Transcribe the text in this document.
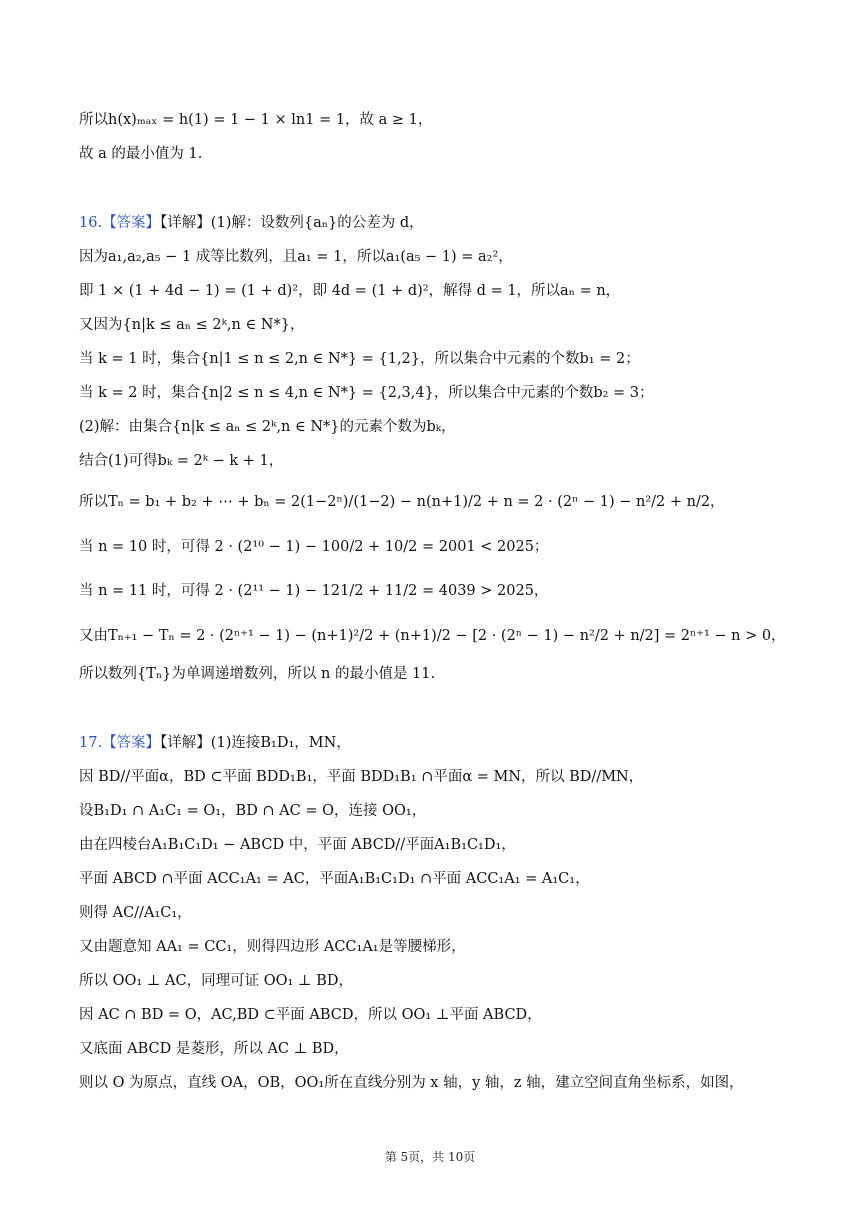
所以h(x)ₘₐₓ = h(1) = 1 − 1 × ln1 = 1，故 a ≥ 1，
故 a 的最小值为 1.
16.【答案】【详解】(1)解：设数列{aₙ}的公差为 d，
因为a₁,a₂,a₅ − 1 成等比数列，且a₁ = 1，所以a₁(a₅ − 1) = a₂²，
即 1 × (1 + 4d − 1) = (1 + d)²，即 4d = (1 + d)²，解得 d = 1，所以aₙ = n，
又因为{n|k ≤ aₙ ≤ 2ᵏ,n ∈ N*}，
当 k = 1 时，集合{n|1 ≤ n ≤ 2,n ∈ N*} = {1,2}，所以集合中元素的个数b₁ = 2；
当 k = 2 时，集合{n|2 ≤ n ≤ 4,n ∈ N*} = {2,3,4}，所以集合中元素的个数b₂ = 3；
(2)解：由集合{n|k ≤ aₙ ≤ 2ᵏ,n ∈ N*}的元素个数为bₖ，
结合(1)可得bₖ = 2ᵏ − k + 1，
所以Tₙ = b₁ + b₂ + ⋯ + bₙ = 2(1−2ⁿ)/(1−2) − n(n+1)/2 + n = 2 · (2ⁿ − 1) − n²/2 + n/2，
当 n = 10 时，可得 2 · (2¹⁰ − 1) − 100/2 + 10/2 = 2001 < 2025；
当 n = 11 时，可得 2 · (2¹¹ − 1) − 121/2 + 11/2 = 4039 > 2025，
又由Tₙ₊₁ − Tₙ = 2 · (2ⁿ⁺¹ − 1) − (n+1)²/2 + (n+1)/2 − [2 · (2ⁿ − 1) − n²/2 + n/2] = 2ⁿ⁺¹ − n > 0，
所以数列{Tₙ}为单调递增数列，所以 n 的最小值是 11.
17.【答案】【详解】(1)连接B₁D₁，MN，
因 BD//平面α，BD ⊂平面 BDD₁B₁，平面 BDD₁B₁ ∩平面α = MN，所以 BD//MN，
设B₁D₁ ∩ A₁C₁ = O₁，BD ∩ AC = O，连接 OO₁，
由在四棱台A₁B₁C₁D₁ − ABCD 中，平面 ABCD//平面A₁B₁C₁D₁，
平面 ABCD ∩平面 ACC₁A₁ = AC，平面A₁B₁C₁D₁ ∩平面 ACC₁A₁ = A₁C₁，
则得 AC//A₁C₁，
又由题意知 AA₁ = CC₁，则得四边形 ACC₁A₁是等腰梯形，
所以 OO₁ ⊥ AC，同理可证 OO₁ ⊥ BD，
因 AC ∩ BD = O，AC,BD ⊂平面 ABCD，所以 OO₁ ⊥平面 ABCD，
又底面 ABCD 是菱形，所以 AC ⊥ BD，
则以 O 为原点，直线 OA，OB，OO₁所在直线分别为 x 轴，y 轴，z 轴，建立空间直角坐标系，如图，
第 5页，共 10页
